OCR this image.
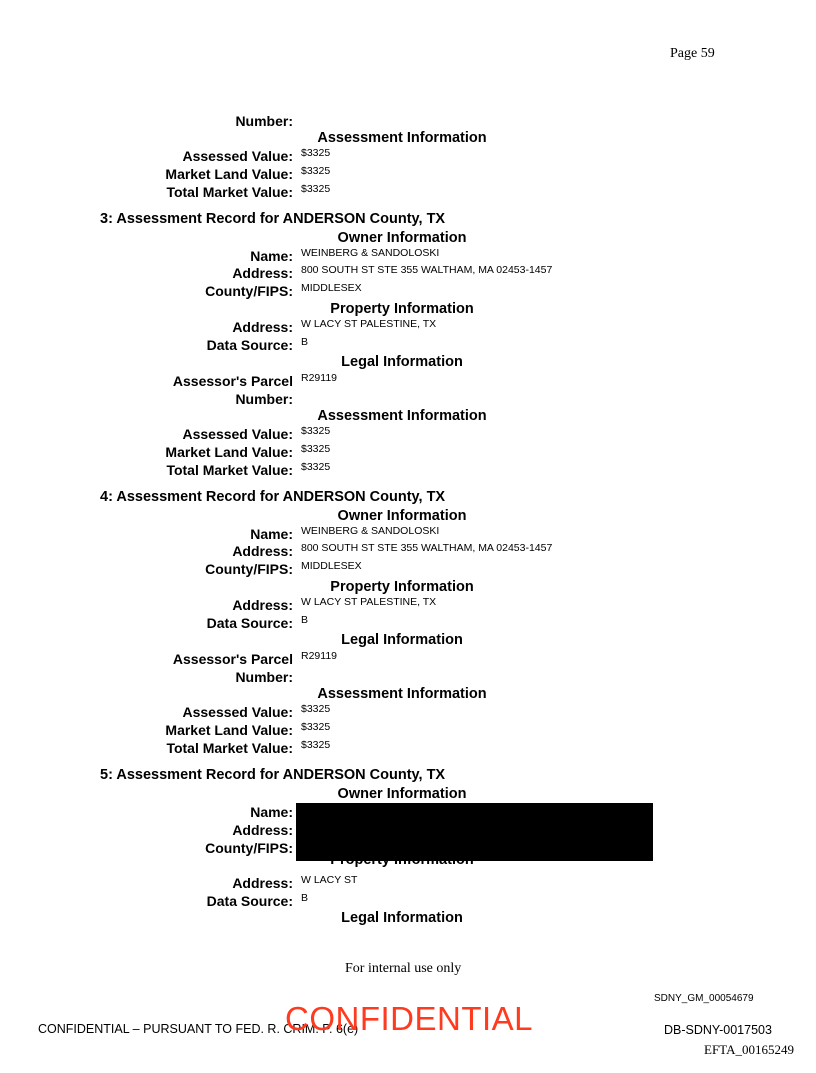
Page 59
Number:
Assessment Information
Assessed Value: $3325
Market Land Value: $3325
Total Market Value: $3325
3: Assessment Record for ANDERSON County, TX
Owner Information
Name: WEINBERG & SANDOLOSKI
Address: 800 SOUTH ST STE 355 WALTHAM, MA 02453-1457
County/FIPS: MIDDLESEX
Property Information
Address: W LACY ST PALESTINE, TX
Data Source: B
Legal Information
Assessor's Parcel R29119
Number:
Assessment Information
Assessed Value: $3325
Market Land Value: $3325
Total Market Value: $3325
4: Assessment Record for ANDERSON County, TX
Owner Information
Name: WEINBERG & SANDOLOSKI
Address: 800 SOUTH ST STE 355 WALTHAM, MA 02453-1457
County/FIPS: MIDDLESEX
Property Information
Address: W LACY ST PALESTINE, TX
Data Source: B
Legal Information
Assessor's Parcel R29119
Number:
Assessment Information
Assessed Value: $3325
Market Land Value: $3325
Total Market Value: $3325
5: Assessment Record for ANDERSON County, TX
Owner Information
Name:
Address:
County/FIPS:
Address: W LACY ST
Data Source: B
Legal Information
For internal use only
SDNY_GM_00054679
CONFIDENTIAL – PURSUANT TO FED. R. CRIM. P. 6(e)
CONFIDENTIAL	DB-SDNY-0017503
EFTA_00165249
